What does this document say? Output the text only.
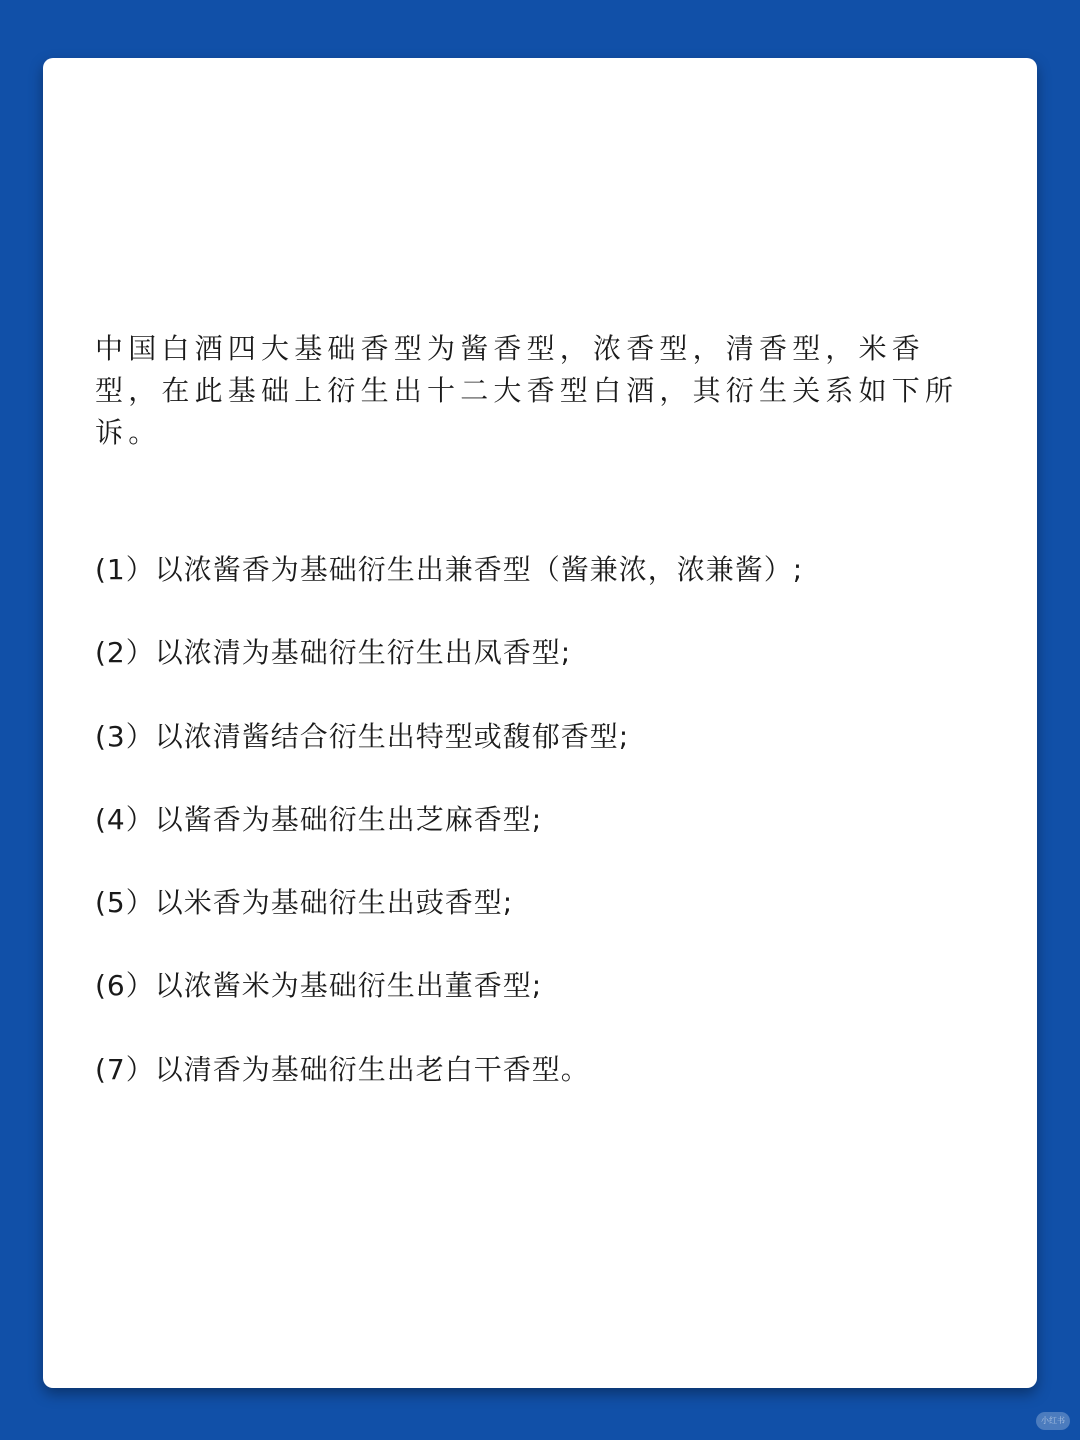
中国白酒四大基础香型为酱香型，浓香型，清香型，米香型，在此基础上衍生出十二大香型白酒，其衍生关系如下所诉。

(1）以浓酱香为基础衍生出兼香型（酱兼浓，浓兼酱）;
(2）以浓清为基础衍生衍生出凤香型;
(3）以浓清酱结合衍生出特型或馥郁香型;
(4）以酱香为基础衍生出芝麻香型;
(5）以米香为基础衍生出豉香型;
(6）以浓酱米为基础衍生出董香型;
(7）以清香为基础衍生出老白干香型。
小红书
